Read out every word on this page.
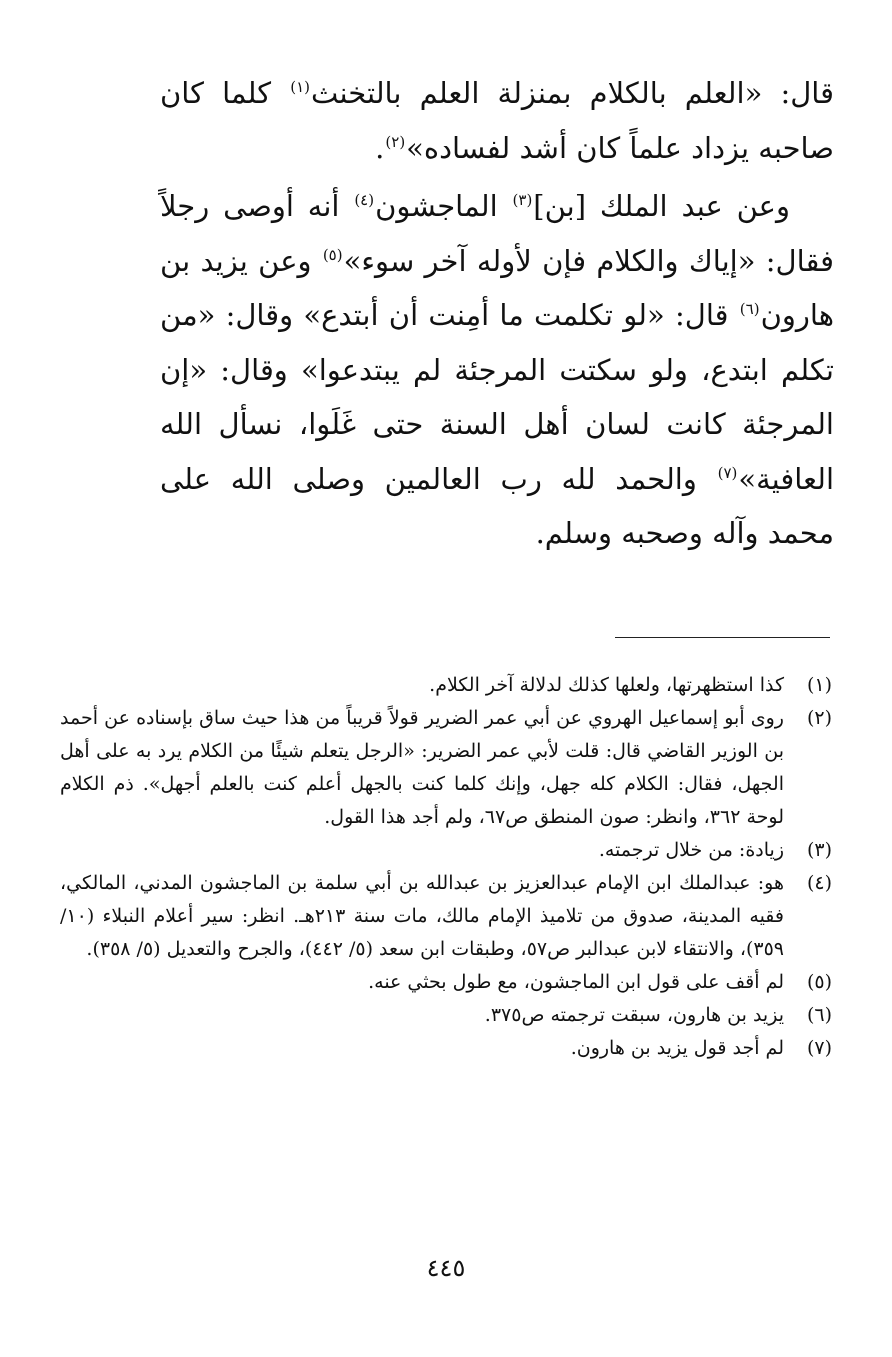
قال: «العلم بالكلام بمنزلة العلم بالتخنث$^{(١)}$ كلما كان صاحبه يزداد علماً كان أشد لفساده»$^{(٢)}$.

وعن عبد الملك [بن]$^{(٣)}$ الماجشون$^{(٤)}$ أنه أوصى رجلاً فقال: «إياك والكلام فإن لأوله آخر سوء»$^{(٥)}$ وعن يزيد بن هارون$^{(٦)}$ قال: «لو تكلمت ما أمِنت أن أبتدع» وقال: «من تكلم ابتدع، ولو سكتت المرجئة لم يبتدعوا» وقال: «إن المرجئة كانت لسان أهل السنة حتى غَلَوا، نسأل الله العافية»$^{(٧)}$ والحمد لله رب العالمين وصلى الله على محمد وآله وصحبه وسلم.

(١)
كذا استظهرتها، ولعلها كذلك لدلالة آخر الكلام.
(٢)
روى أبو إسماعيل الهروي عن أبي عمر الضرير قولاً قريباً من هذا حيث ساق بإسناده عن أحمد بن الوزير القاضي قال: قلت لأبي عمر الضرير: «الرجل يتعلم شيئًا من الكلام يرد به على أهل الجهل، فقال: الكلام كله جهل، وإنك كلما كنت بالجهل أعلم كنت بالعلم أجهل». ذم الكلام لوحة ٣٦٢، وانظر: صون المنطق ص٦٧، ولم أجد هذا القول.
(٣)
زيادة: من خلال ترجمته.
(٤)
هو: عبدالملك ابن الإمام عبدالعزيز بن عبدالله بن أبي سلمة بن الماجشون المدني، المالكي، فقيه المدينة، صدوق من تلاميذ الإمام مالك، مات سنة ٢١٣هـ. انظر: سير أعلام النبلاء (١٠/ ٣٥٩)، والانتقاء لابن عبدالبر ص٥٧، وطبقات ابن سعد (٥/ ٤٤٢)، والجرح والتعديل (٥/ ٣٥٨).
(٥)
لم أقف على قول ابن الماجشون، مع طول بحثي عنه.
(٦)
يزيد بن هارون، سبقت ترجمته ص٣٧٥.
(٧)
لم أجد قول يزيد بن هارون.
٤٤٥
